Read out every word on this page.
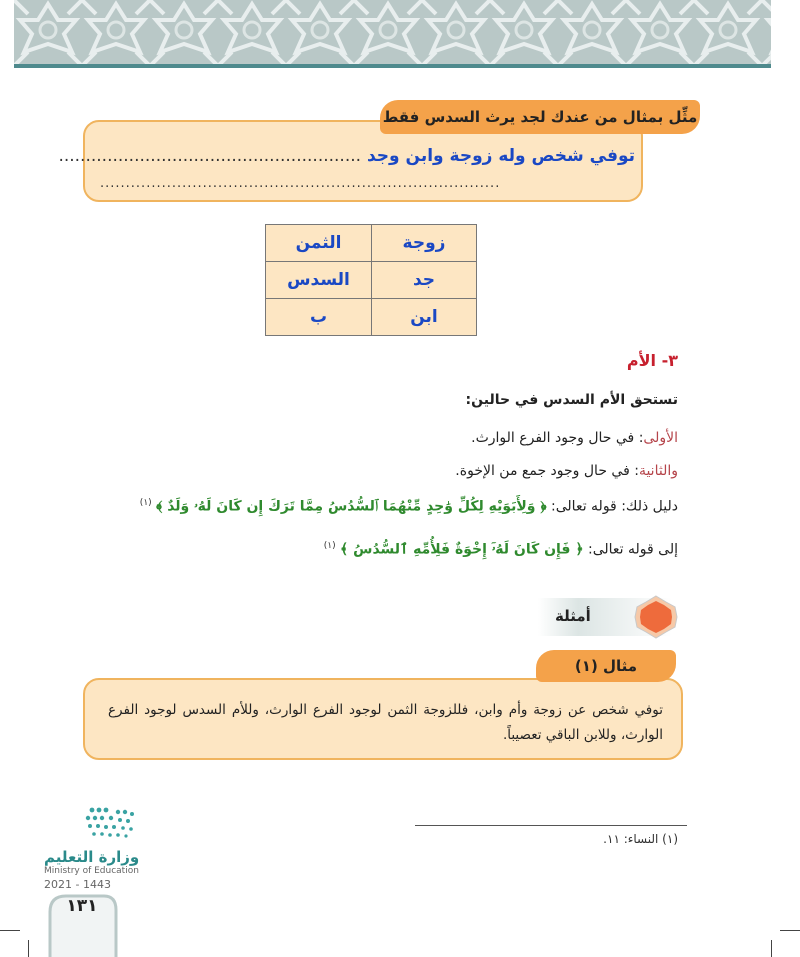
مثِّل بمثال من عندك لجد يرث السدس فقط
توفي شخص وله زوجة وابن وجد ........................................................
..............................................................................
زوجة	الثمن
جد	السدس
ابن	ب
٣- الأم
تستحق الأم السدس في حالين:
الأولى: في حال وجود الفرع الوارث.
والثانية: في حال وجود جمع من الإخوة.
دليل ذلك: قوله تعالى: ﴿ وَلِأَبَوَيْهِ لِكُلِّ وَٰحِدٍ مِّنْهُمَا ٱلسُّدُسُ مِمَّا تَرَكَ إِن كَانَ لَهُۥ وَلَدٌ ﴾ $^{(١)}$
إلى قوله تعالى: ﴿ فَإِن كَانَ لَهُۥٓ إِخْوَةٌ فَلِأُمِّهِ ٱلسُّدُسُ ﴾ $^{(١)}$
أمثلة
مثال (١)
توفي شخص عن زوجة وأم وابن، فللزوجة الثمن لوجود الفرع الوارث، وللأم السدس لوجود الفرع الوارث، وللابن الباقي تعصيباً.
(١) النساء: ١١.
وزارة التعليم
Ministry of Education
2021 - 1443
١٣١
